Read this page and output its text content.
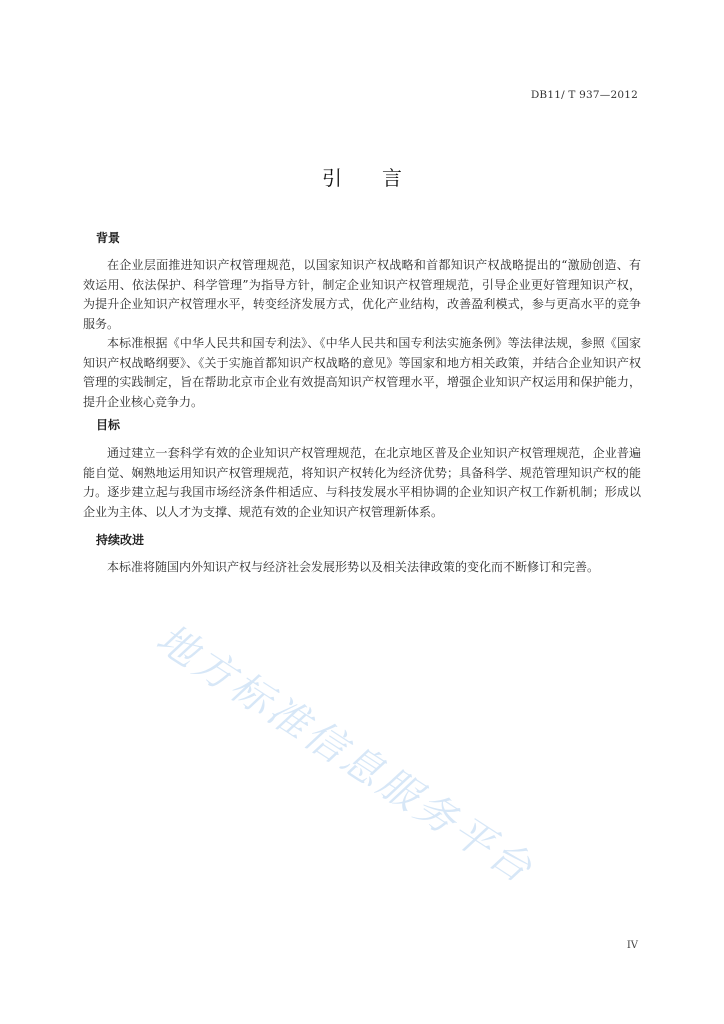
DB11/ T 937—2012
引言
背景

在企业层面推进知识产权管理规范，以国家知识产权战略和首都知识产权战略提出的“激励创造、有效运用、依法保护、科学管理”为指导方针，制定企业知识产权管理规范，引导企业更好管理知识产权，为提升企业知识产权管理水平，转变经济发展方式，优化产业结构，改善盈利模式，参与更高水平的竞争服务。

本标准根据《中华人民共和国专利法》、《中华人民共和国专利法实施条例》等法律法规，参照《国家知识产权战略纲要》、《关于实施首都知识产权战略的意见》等国家和地方相关政策，并结合企业知识产权管理的实践制定，旨在帮助北京市企业有效提高知识产权管理水平，增强企业知识产权运用和保护能力，提升企业核心竞争力。

目标

通过建立一套科学有效的企业知识产权管理规范，在北京地区普及企业知识产权管理规范，企业普遍能自觉、娴熟地运用知识产权管理规范，将知识产权转化为经济优势；具备科学、规范管理知识产权的能力。逐步建立起与我国市场经济条件相适应、与科技发展水平相协调的企业知识产权工作新机制；形成以企业为主体、以人才为支撑、规范有效的企业知识产权管理新体系。

持续改进

本标准将随国内外知识产权与经济社会发展形势以及相关法律政策的变化而不断修订和完善。

地方标准信息服务平台
IV
